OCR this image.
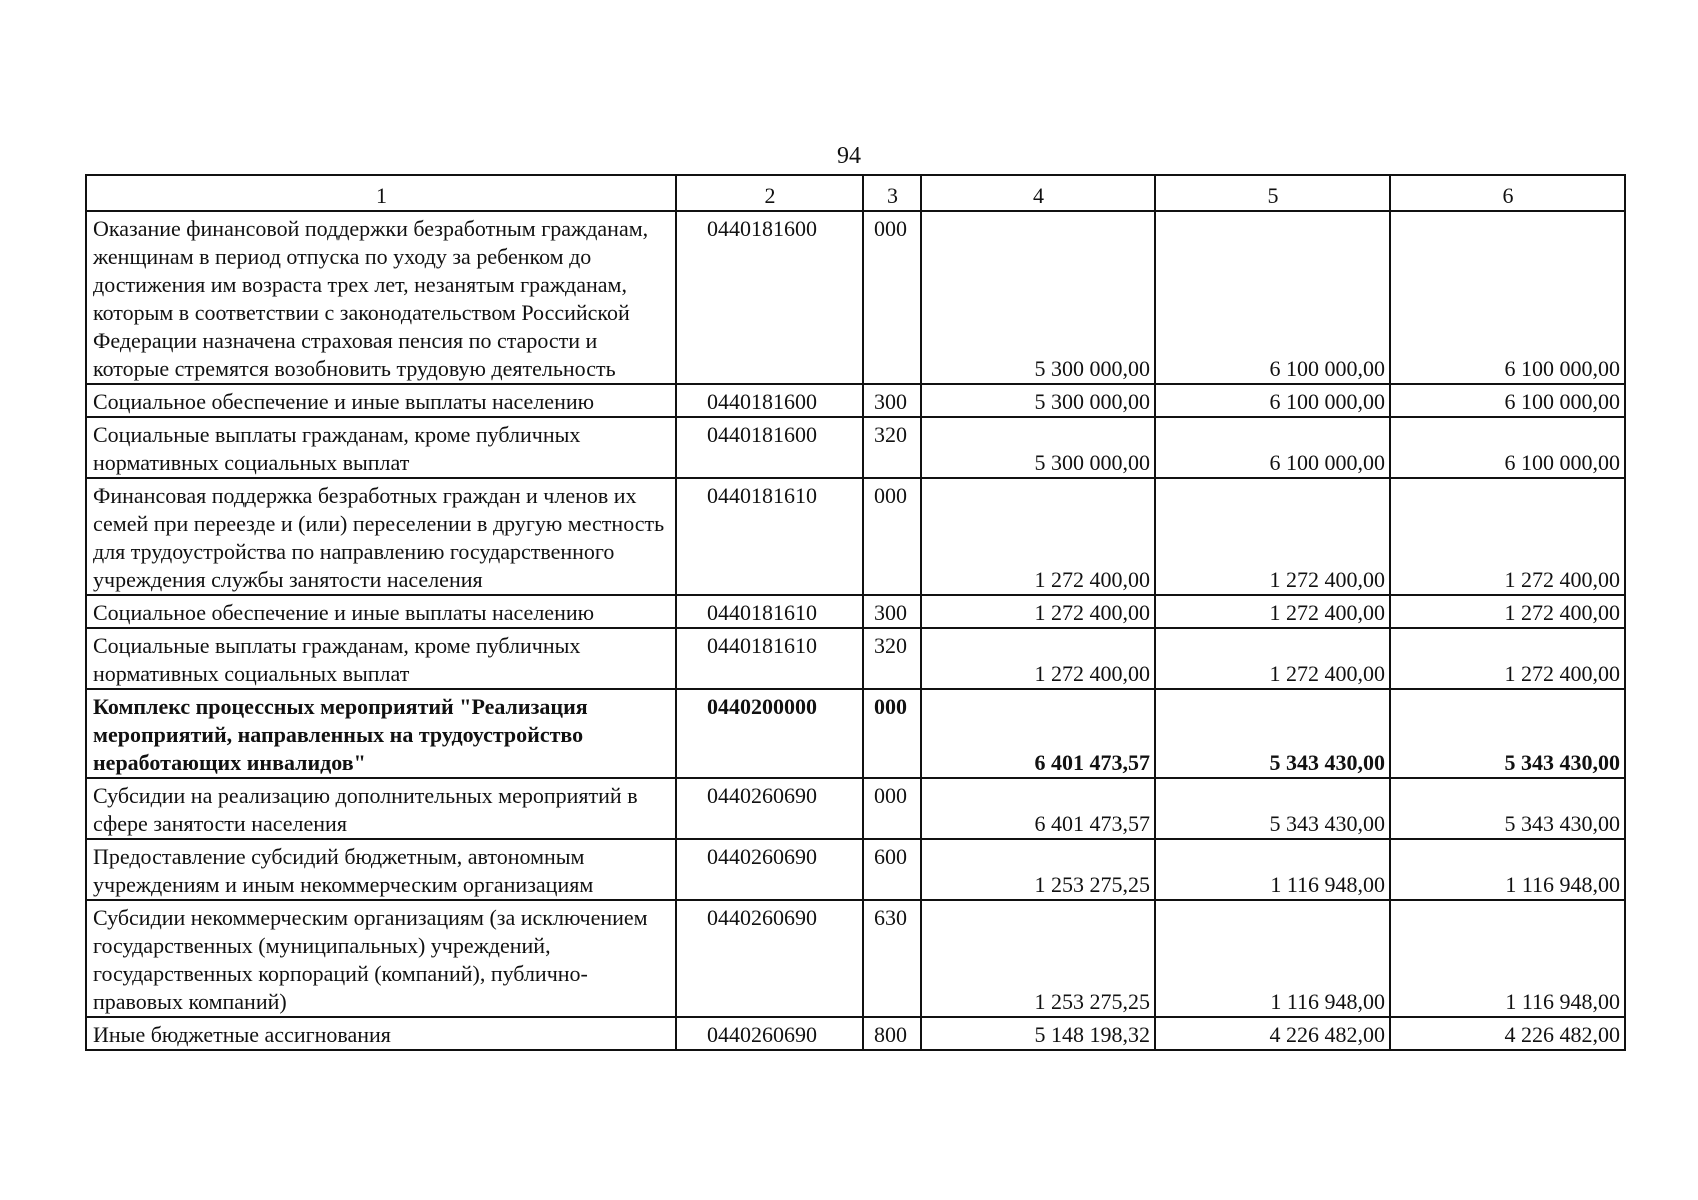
94
1	2	3	4	5	6
Оказание финансовой поддержки безработным гражданам, женщинам в период отпуска по уходу за ребенком до достижения им возраста трех лет, незанятым гражданам, которым в соответствии с законодательством Российской Федерации назначена страховая пенсия по старости и которые стремятся возобновить трудовую деятельность	0440181600	000	5 300 000,00	6 100 000,00	6 100 000,00
Социальное обеспечение и иные выплаты населению	0440181600	300	5 300 000,00	6 100 000,00	6 100 000,00
Социальные выплаты гражданам, кроме публичных нормативных социальных выплат	0440181600	320	5 300 000,00	6 100 000,00	6 100 000,00
Финансовая поддержка безработных граждан и членов их семей при переезде и (или) переселении в другую местность для трудоустройства по направлению государственного учреждения службы занятости населения	0440181610	000	1 272 400,00	1 272 400,00	1 272 400,00
Социальное обеспечение и иные выплаты населению	0440181610	300	1 272 400,00	1 272 400,00	1 272 400,00
Социальные выплаты гражданам, кроме публичных нормативных социальных выплат	0440181610	320	1 272 400,00	1 272 400,00	1 272 400,00
Комплекс процессных мероприятий "Реализация мероприятий, направленных на трудоустройство неработающих инвалидов"	0440200000	000	6 401 473,57	5 343 430,00	5 343 430,00
Субсидии на реализацию дополнительных мероприятий в сфере занятости населения	0440260690	000	6 401 473,57	5 343 430,00	5 343 430,00
Предоставление субсидий бюджетным, автономным учреждениям и иным некоммерческим организациям	0440260690	600	1 253 275,25	1 116 948,00	1 116 948,00
Субсидии некоммерческим организациям (за исключением государственных (муниципальных) учреждений, государственных корпораций (компаний), публично-правовых компаний)	0440260690	630	1 253 275,25	1 116 948,00	1 116 948,00
Иные бюджетные ассигнования	0440260690	800	5 148 198,32	4 226 482,00	4 226 482,00
